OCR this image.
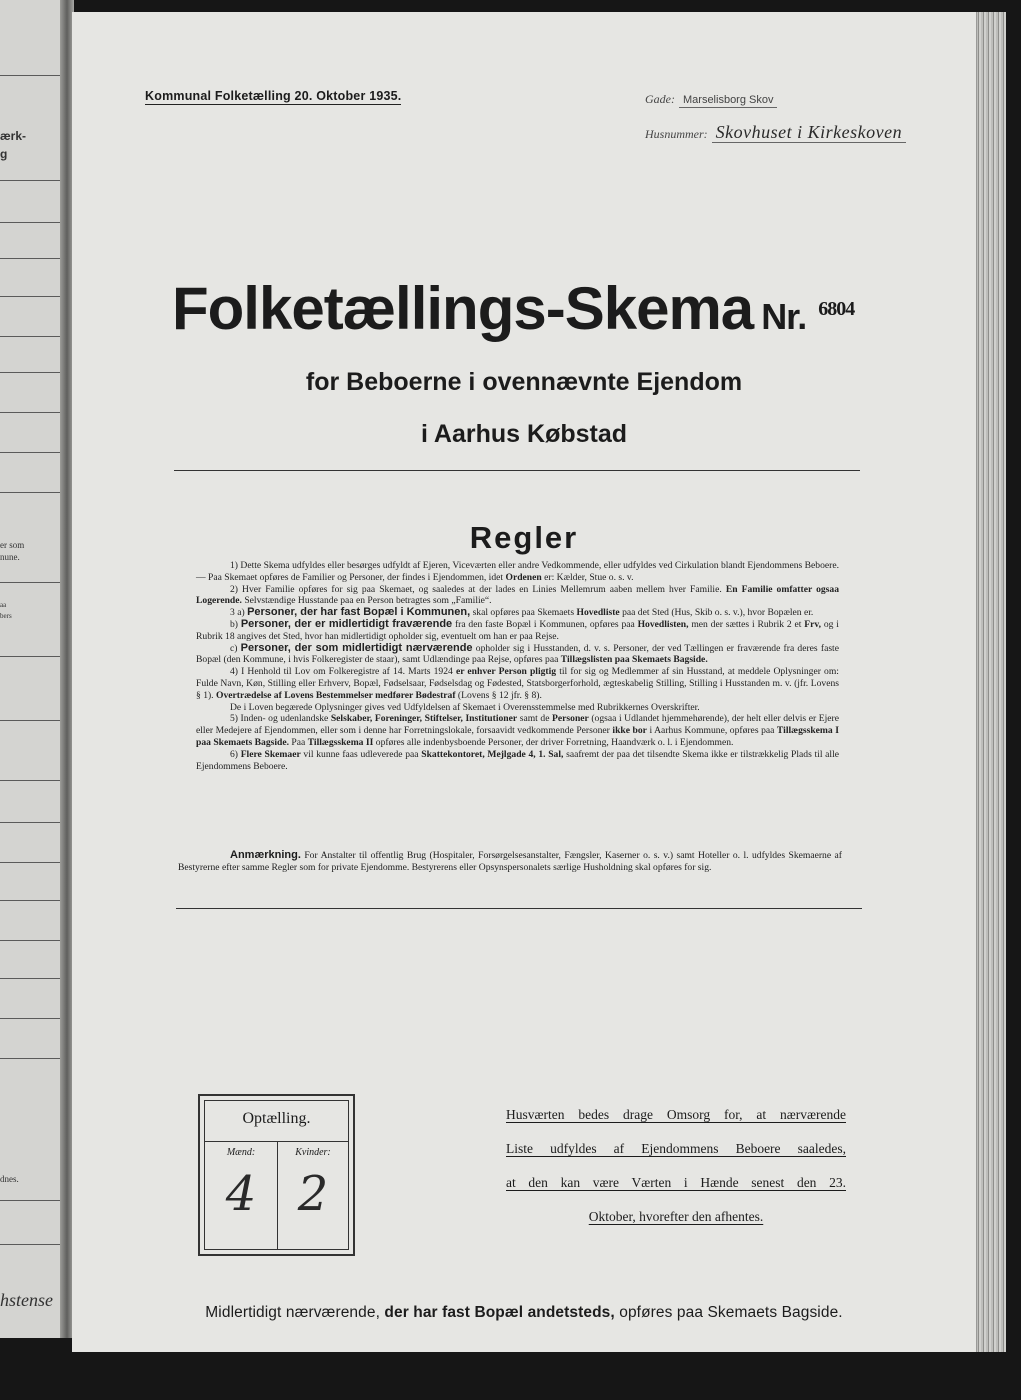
ærk-
g
er som
nune.
aa
bers
dnes.
hstense
Kommunal Folketælling 20. Oktober 1935.	Gade: Marselisborg Skov
Husnummer: Skovhuset i Kirkeskoven
Folketællings-Skema Nr. $^{6804}$
for Beboerne i ovennævnte Ejendom
i Aarhus Købstad
Regler

1) Dette Skema udfyldes eller besørges udfyldt af Ejeren, Viceværten eller andre Vedkommende, eller udfyldes ved Cirkulation blandt Ejendommens Beboere. — Paa Skemaet opføres de Familier og Personer, der findes i Ejendommen, idet Ordenen er: Kælder, Stue o. s. v.

2) Hver Familie opføres for sig paa Skemaet, og saaledes at der lades en Linies Mellemrum aaben mellem hver Familie. En Familie omfatter ogsaa Logerende. Selvstændige Husstande paa en Person betragtes som „Familie“.

3 a) Personer, der har fast Bopæl i Kommunen, skal opføres paa Skemaets Hovedliste paa det Sted (Hus, Skib o. s. v.), hvor Bopælen er.

b) Personer, der er midlertidigt fraværende fra den faste Bopæl i Kommunen, opføres paa Hovedlisten, men der sættes i Rubrik 2 et Frv, og i Rubrik 18 angives det Sted, hvor han midlertidigt opholder sig, eventuelt om han er paa Rejse.

c) Personer, der som midlertidigt nærværende opholder sig i Husstanden, d. v. s. Personer, der ved Tællingen er fraværende fra deres faste Bopæl (den Kommune, i hvis Folkeregister de staar), samt Udlændinge paa Rejse, opføres paa Tillægslisten paa Skemaets Bagside.

4) I Henhold til Lov om Folkeregistre af 14. Marts 1924 er enhver Person pligtig til for sig og Medlemmer af sin Husstand, at meddele Oplysninger om: Fulde Navn, Køn, Stilling eller Erhverv, Bopæl, Fødselsaar, Fødselsdag og Fødested, Statsborgerforhold, ægteskabelig Stilling, Stilling i Husstanden m. v. (jfr. Lovens § 1). Overtrædelse af Lovens Bestemmelser medfører Bødestraf (Lovens § 12 jfr. § 8).

De i Loven begærede Oplysninger gives ved Udfyldelsen af Skemaet i Overensstemmelse med Rubrikkernes Overskrifter.

5) Inden- og udenlandske Selskaber, Foreninger, Stiftelser, Institutioner samt de Personer (ogsaa i Udlandet hjemmehørende), der helt eller delvis er Ejere eller Medejere af Ejendommen, eller som i denne har Forretningslokale, forsaavidt vedkommende Personer ikke bor i Aarhus Kommune, opføres paa Tillægsskema I paa Skemaets Bagside. Paa Tillægsskema II opføres alle indenbysboende Personer, der driver Forretning, Haandværk o. l. i Ejendommen.

6) Flere Skemaer vil kunne faas udleverede paa Skattekontoret, Mejlgade 4, 1. Sal, saafremt der paa det tilsendte Skema ikke er tilstrækkelig Plads til alle Ejendommens Beboere.

Anmærkning. For Anstalter til offentlig Brug (Hospitaler, Forsørgelsesanstalter, Fængsler, Kaserner o. s. v.) samt Hoteller o. l. udfyldes Skemaerne af Bestyrerne efter samme Regler som for private Ejendomme. Bestyrerens eller Opsynspersonalets særlige Husholdning skal opføres for sig.

Optælling.
Mænd:	Kvinder:
4 2
Husværten bedes drage Omsorg for, at nærværende
Liste udfyldes af Ejendommens Beboere saaledes,
at den kan være Værten i Hænde senest den 23.
Oktober, hvorefter den afhentes.
Midlertidigt nærværende, der har fast Bopæl andetsteds, opføres paa Skemaets Bagside.
